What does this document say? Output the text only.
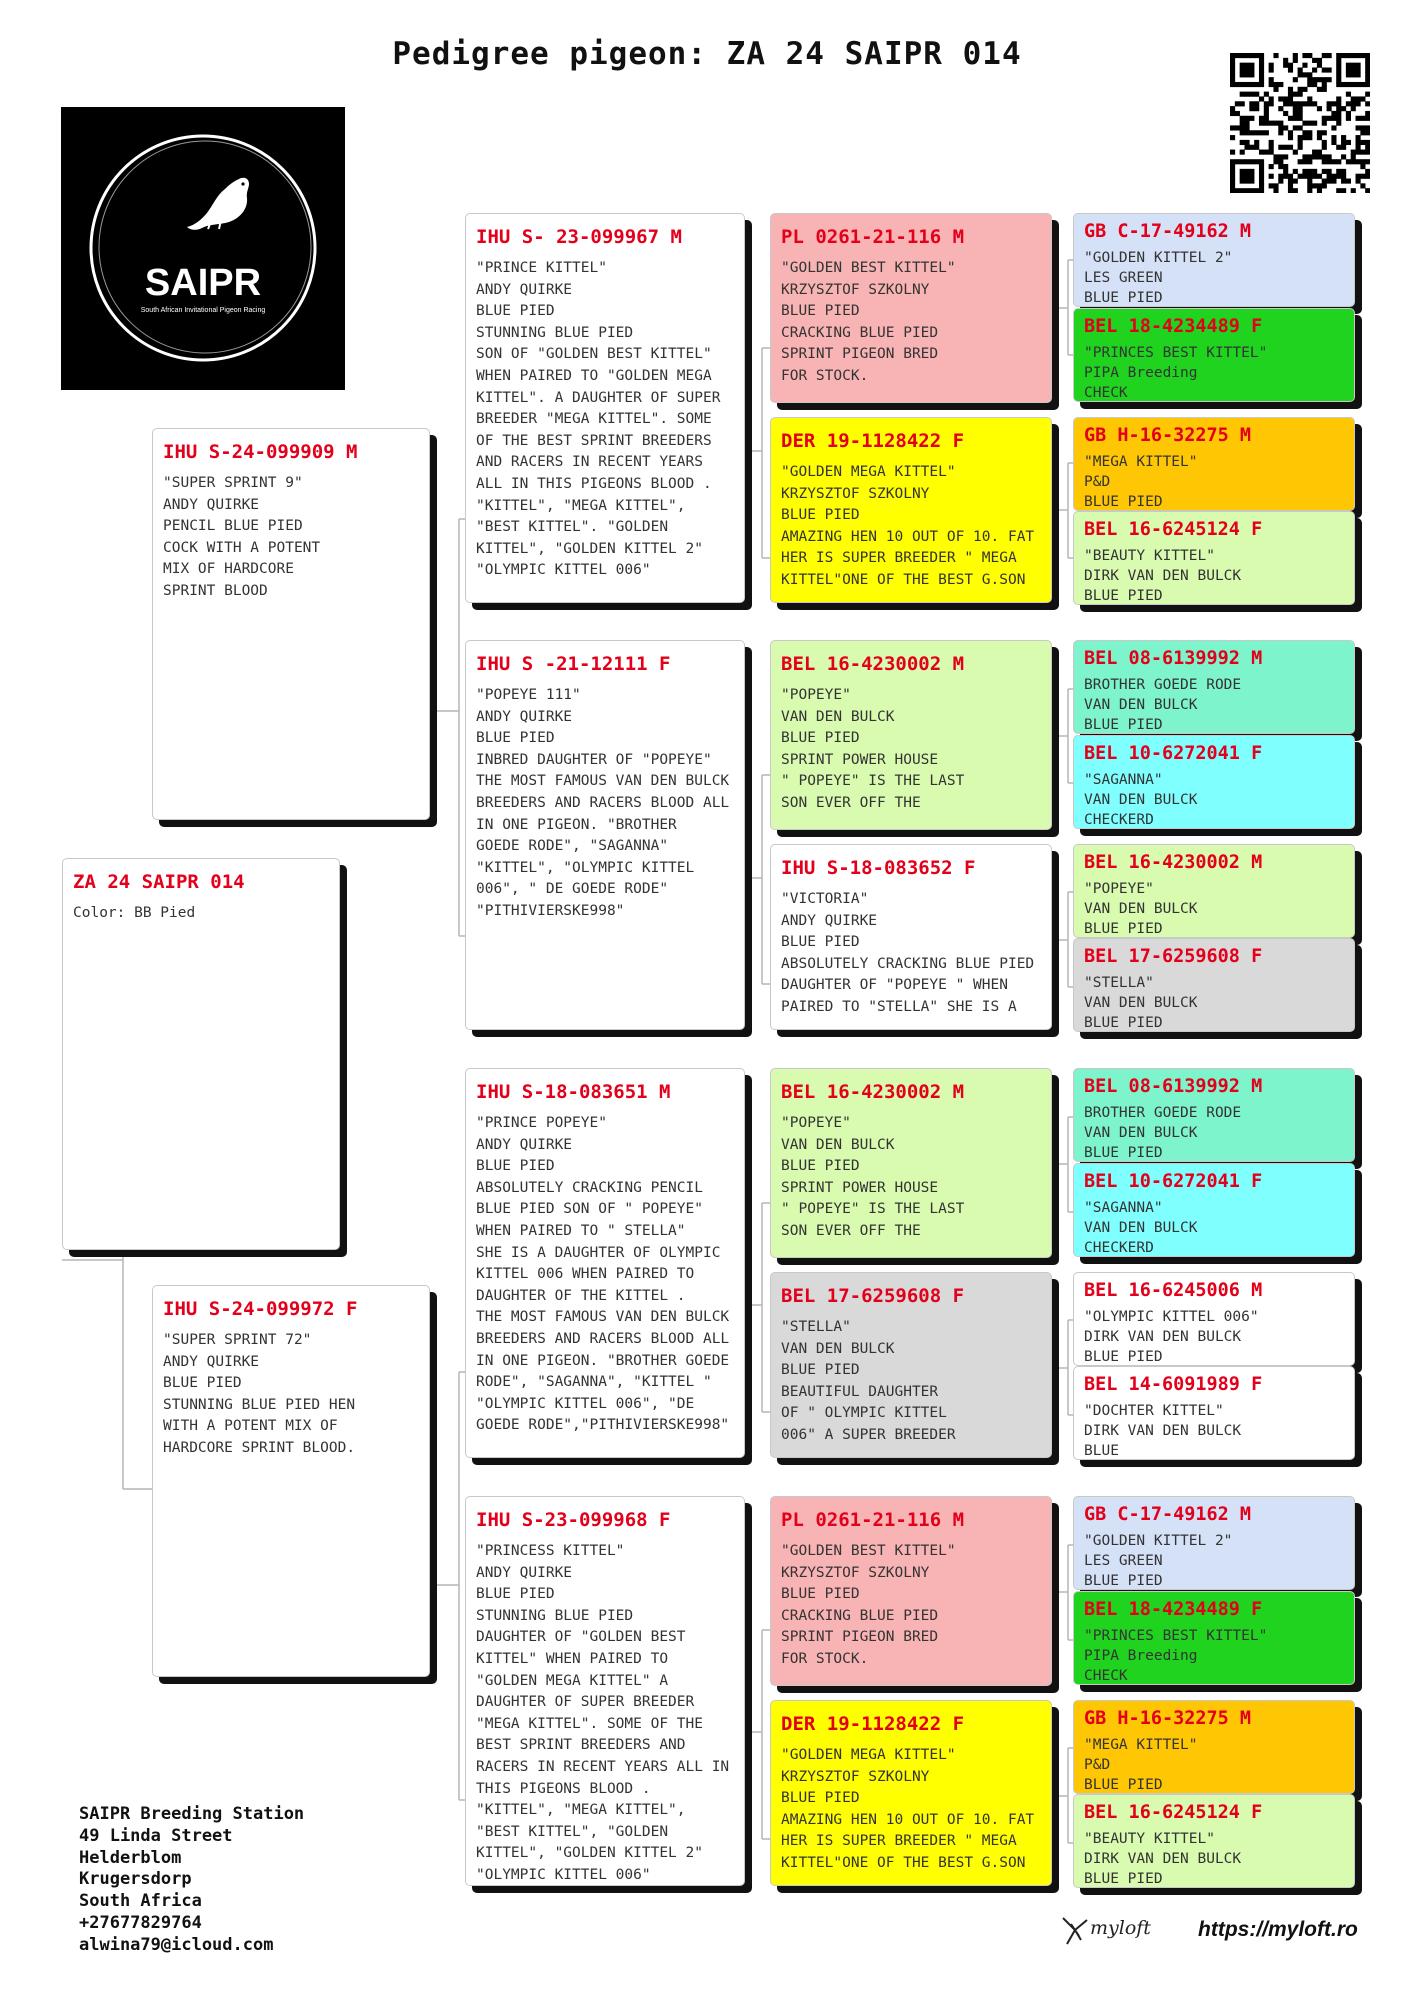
Pedigree pigeon: ZA 24 SAIPR 014
SAIPR
South African Invitational Pigeon Racing
ZA 24 SAIPR 014
Color: BB Pied
IHU S-24-099909 M
"SUPER SPRINT 9"
ANDY QUIRKE
PENCIL BLUE PIED
COCK WITH A POTENT
MIX OF HARDCORE
SPRINT BLOOD
IHU S-24-099972 F
"SUPER SPRINT 72"
ANDY QUIRKE
BLUE PIED
STUNNING BLUE PIED HEN
WITH A POTENT MIX OF
HARDCORE SPRINT BLOOD.
IHU S- 23-099967 M
"PRINCE KITTEL"
ANDY QUIRKE
BLUE PIED
STUNNING BLUE PIED
SON OF "GOLDEN BEST KITTEL"
WHEN PAIRED TO "GOLDEN MEGA
KITTEL". A DAUGHTER OF SUPER
BREEDER "MEGA KITTEL". SOME
OF THE BEST SPRINT BREEDERS
AND RACERS IN RECENT YEARS
ALL IN THIS PIGEONS BLOOD .
"KITTEL", "MEGA KITTEL",
"BEST KITTEL". "GOLDEN
KITTEL", "GOLDEN KITTEL 2"
"OLYMPIC KITTEL 006"
IHU S -21-12111 F
"POPEYE 111"
ANDY QUIRKE
BLUE PIED
INBRED DAUGHTER OF "POPEYE"
THE MOST FAMOUS VAN DEN BULCK
BREEDERS AND RACERS BLOOD ALL
IN ONE PIGEON. "BROTHER
GOEDE RODE", "SAGANNA"
"KITTEL", "OLYMPIC KITTEL
006", " DE GOEDE RODE"
"PITHIVIERSKE998"
IHU S-18-083651 M
"PRINCE POPEYE"
ANDY QUIRKE
BLUE PIED
ABSOLUTELY CRACKING PENCIL
BLUE PIED SON OF " POPEYE"
WHEN PAIRED TO " STELLA"
SHE IS A DAUGHTER OF OLYMPIC
KITTEL 006 WHEN PAIRED TO
DAUGHTER OF THE KITTEL .
THE MOST FAMOUS VAN DEN BULCK
BREEDERS AND RACERS BLOOD ALL
IN ONE PIGEON. "BROTHER GOEDE
RODE", "SAGANNA", "KITTEL "
"OLYMPIC KITTEL 006", "DE
GOEDE RODE","PITHIVIERSKE998"
IHU S-23-099968 F
"PRINCESS KITTEL"
ANDY QUIRKE
BLUE PIED
STUNNING BLUE PIED
DAUGHTER OF "GOLDEN BEST
KITTEL" WHEN PAIRED TO
"GOLDEN MEGA KITTEL" A
DAUGHTER OF SUPER BREEDER
"MEGA KITTEL". SOME OF THE
BEST SPRINT BREEDERS AND
RACERS IN RECENT YEARS ALL IN
THIS PIGEONS BLOOD .
"KITTEL", "MEGA KITTEL",
"BEST KITTEL", "GOLDEN
KITTEL", "GOLDEN KITTEL 2"
"OLYMPIC KITTEL 006"
PL 0261-21-116 M
"GOLDEN BEST KITTEL"
KRZYSZTOF SZKOLNY
BLUE PIED
CRACKING BLUE PIED
SPRINT PIGEON BRED
FOR STOCK.
DER 19-1128422 F
"GOLDEN MEGA KITTEL"
KRZYSZTOF SZKOLNY
BLUE PIED
AMAZING HEN 10 OUT OF 10. FAT
HER IS SUPER BREEDER " MEGA
KITTEL"ONE OF THE BEST G.SON
BEL 16-4230002 M
"POPEYE"
VAN DEN BULCK
BLUE PIED
SPRINT POWER HOUSE
" POPEYE" IS THE LAST
SON EVER OFF THE
IHU S-18-083652 F
"VICTORIA"
ANDY QUIRKE
BLUE PIED
ABSOLUTELY CRACKING BLUE PIED
DAUGHTER OF "POPEYE " WHEN
PAIRED TO "STELLA" SHE IS A
BEL 16-4230002 M
"POPEYE"
VAN DEN BULCK
BLUE PIED
SPRINT POWER HOUSE
" POPEYE" IS THE LAST
SON EVER OFF THE
BEL 17-6259608 F
"STELLA"
VAN DEN BULCK
BLUE PIED
BEAUTIFUL DAUGHTER
OF " OLYMPIC KITTEL
006" A SUPER BREEDER
PL 0261-21-116 M
"GOLDEN BEST KITTEL"
KRZYSZTOF SZKOLNY
BLUE PIED
CRACKING BLUE PIED
SPRINT PIGEON BRED
FOR STOCK.
DER 19-1128422 F
"GOLDEN MEGA KITTEL"
KRZYSZTOF SZKOLNY
BLUE PIED
AMAZING HEN 10 OUT OF 10. FAT
HER IS SUPER BREEDER " MEGA
KITTEL"ONE OF THE BEST G.SON
GB C-17-49162 M
"GOLDEN KITTEL 2"
LES GREEN
BLUE PIED
BEL 18-4234489 F
"PRINCES BEST KITTEL"
PIPA Breeding
CHECK
GB H-16-32275 M
"MEGA KITTEL"
P&D
BLUE PIED
BEL 16-6245124 F
"BEAUTY KITTEL"
DIRK VAN DEN BULCK
BLUE PIED
BEL 08-6139992 M
BROTHER GOEDE RODE
VAN DEN BULCK
BLUE PIED
BEL 10-6272041 F
"SAGANNA"
VAN DEN BULCK
CHECKERD
BEL 16-4230002 M
"POPEYE"
VAN DEN BULCK
BLUE PIED
BEL 17-6259608 F
"STELLA"
VAN DEN BULCK
BLUE PIED
BEL 08-6139992 M
BROTHER GOEDE RODE
VAN DEN BULCK
BLUE PIED
BEL 10-6272041 F
"SAGANNA"
VAN DEN BULCK
CHECKERD
BEL 16-6245006 M
"OLYMPIC KITTEL 006"
DIRK VAN DEN BULCK
BLUE PIED
BEL 14-6091989 F
"DOCHTER KITTEL"
DIRK VAN DEN BULCK
BLUE
GB C-17-49162 M
"GOLDEN KITTEL 2"
LES GREEN
BLUE PIED
BEL 18-4234489 F
"PRINCES BEST KITTEL"
PIPA Breeding
CHECK
GB H-16-32275 M
"MEGA KITTEL"
P&D
BLUE PIED
BEL 16-6245124 F
"BEAUTY KITTEL"
DIRK VAN DEN BULCK
BLUE PIED
SAIPR Breeding Station
49 Linda Street
Helderblom
Krugersdorp
South Africa
+27677829764
alwina79@icloud.com
myloft https://myloft.ro
